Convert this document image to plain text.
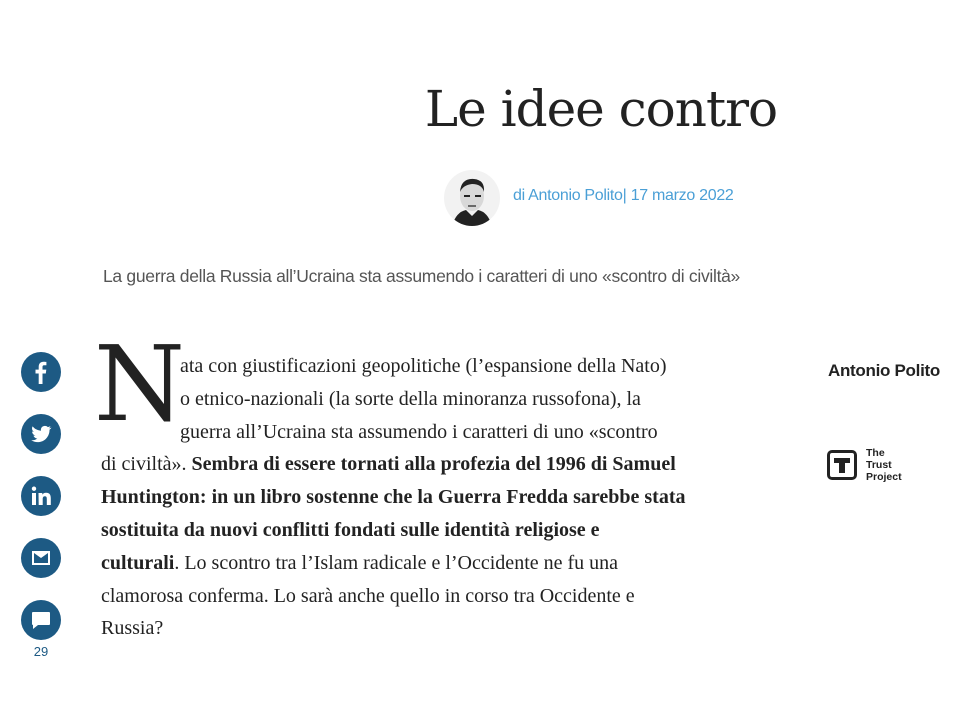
Le idee contro
di Antonio Polito| 17 marzo 2022
La guerra della Russia all’Ucraina sta assumendo i caratteri di uno «scontro di civiltà»
29
N
ata con giustificazioni geopolitiche (l’espansione della Nato)
o etnico-nazionali (la sorte della minoranza russofona), la
guerra all’Ucraina sta assumendo i caratteri di uno «scontro
di civiltà». Sembra di essere tornati alla profezia del 1996 di Samuel
Huntington: in un libro sostenne che la Guerra Fredda sarebbe stata
sostituita da nuovi conflitti fondati sulle identità religiose e
culturali. Lo scontro tra l’Islam radicale e l’Occidente ne fu una
clamorosa conferma. Lo sarà anche quello in corso tra Occidente e
Russia?
Antonio Polito
The
Trust
Project
